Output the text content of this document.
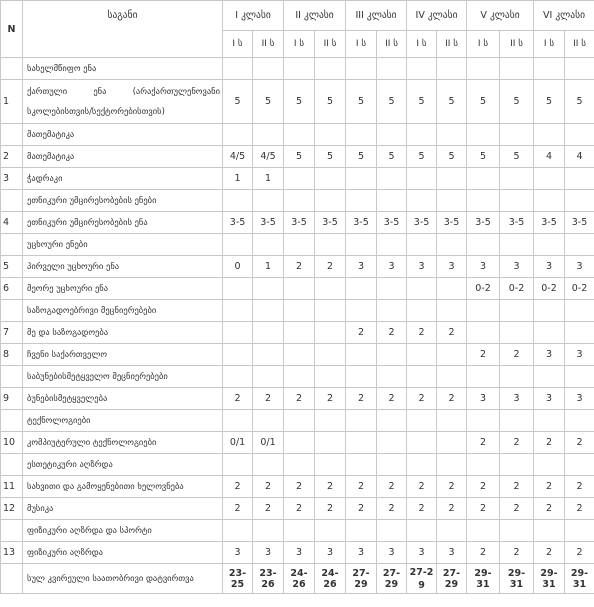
N	საგანი	I კლასი		II კლასი		III კლასი		IV კლასი		V კლასი		VI კლასი	
		I ს	II ს	I ს	II ს	I ს	II ს	I ს	II ს	I ს	II ს	I ს	II ს
	სახელმწიფო ენა												
1	ქართული ენა (არაქართულენოვანი სკოლებისთვის/სექტორებისთვის)	5	5	5	5	5	5	5	5	5	5	5	5
	მათემატიკა												
2	მათემატიკა	4/5	4/5	5	5	5	5	5	5	5	5	4	4
3	ჭადრაკი	1	1										
	ეთნიკური უმცირესობების ენები												
4	ეთნიკური უმცირესობების ენა	3-5	3-5	3-5	3-5	3-5	3-5	3-5	3-5	3-5	3-5	3-5	3-5
	უცხოური ენები												
5	პირველი უცხოური ენა	0	1	2	2	3	3	3	3	3	3	3	3
6	მეორე უცხოური ენა									0-2	0-2	0-2	0-2
	საზოგადოებრივი მეცნიერებები												
7	მე და საზოგადოება					2	2	2	2				
8	ჩვენი საქართველო									2	2	3	3
	საბუნებისმეტყველო მეცნიერებები												
9	ბუნებისმეტყველება	2	2	2	2	2	2	2	2	3	3	3	3
	ტექნოლოგიები												
10	კომპიუტერული ტექნოლოგიები	0/1	0/1							2	2	2	2
	ესთეტიკური აღზრდა												
11	სახვითი და გამოყენებითი ხელოვნება	2	2	2	2	2	2	2	2	2	2	2	2
12	მუსიკა	2	2	2	2	2	2	2	2	2	2	2	2
	ფიზიკური აღზრდა და სპორტი												
13	ფიზიკური აღზრდა	3	3	3	3	3	3	3	3	2	2	2	2
	სულ კვირეული საათობრივი დატვირთვა	23-25	23-26	24-26	24-26	27-29	27-29	27-29	27-29	29-31	29-31	29-31	29-31
